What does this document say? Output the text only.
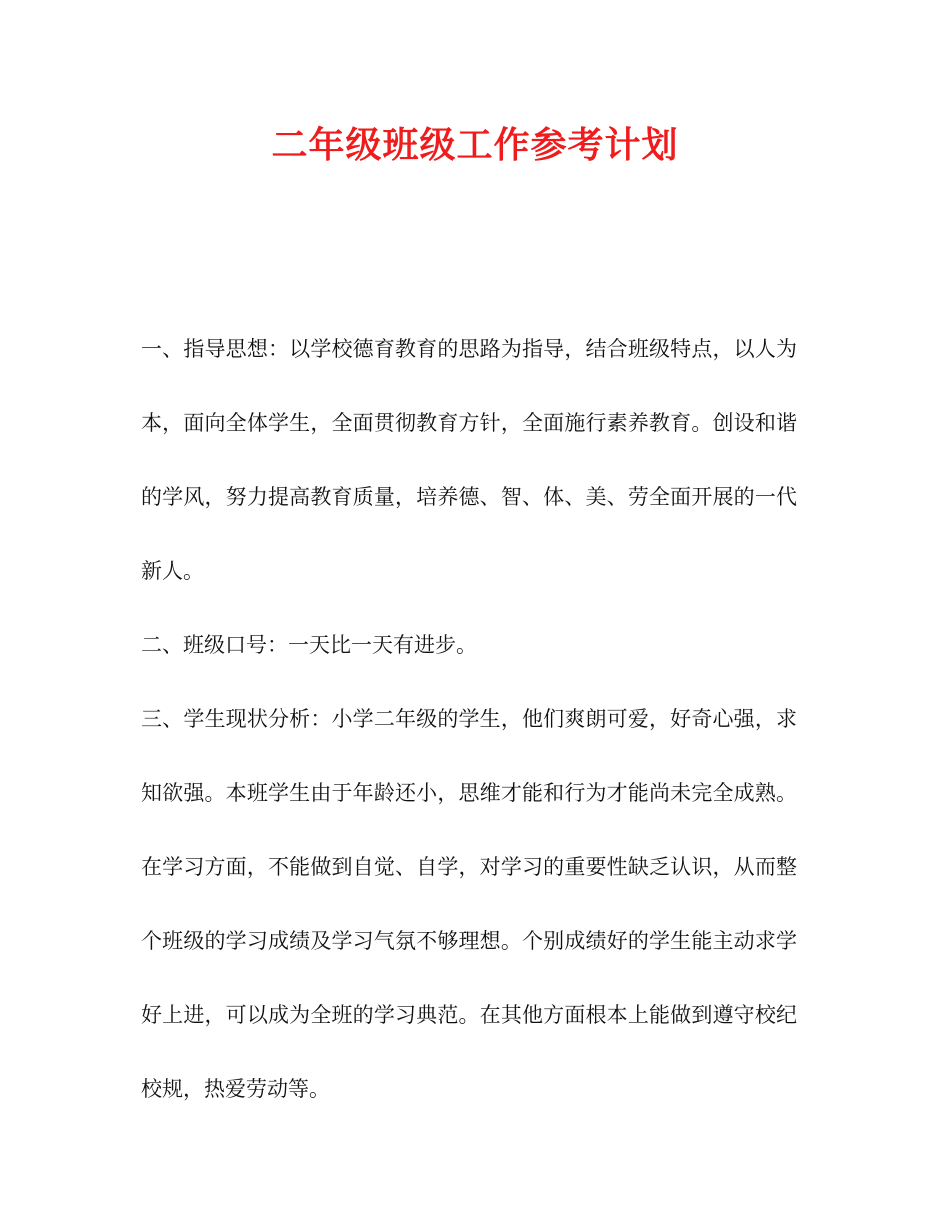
二年级班级工作参考计划

一、指导思想：以学校德育教育的思路为指导，结合班级特点，以人为本，面向全体学生，全面贯彻教育方针，全面施行素养教育。创设和谐的学风，努力提高教育质量，培养德、智、体、美、劳全面开展的一代新人。

二、班级口号：一天比一天有进步。

三、学生现状分析：小学二年级的学生，他们爽朗可爱，好奇心强，求知欲强。本班学生由于年龄还小，思维才能和行为才能尚未完全成熟。在学习方面，不能做到自觉、自学，对学习的重要性缺乏认识，从而整个班级的学习成绩及学习气氛不够理想。个别成绩好的学生能主动求学好上进，可以成为全班的学习典范。在其他方面根本上能做到遵守校纪校规，热爱劳动等。
